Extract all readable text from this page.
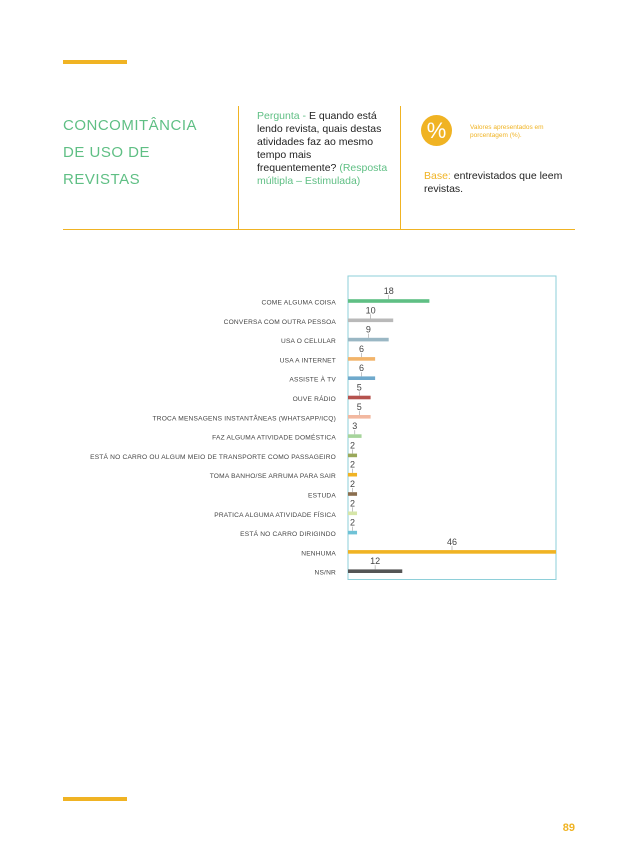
CONCOMITÂNCIA
DE USO DE
REVISTAS
Pergunta - E quando está lendo revista, quais destas atividades faz ao mesmo tempo mais frequentemente? (Resposta múltipla – Estimulada)
%	Valores apresentados em porcentagem (%).
Base: entrevistados que leem revistas.
18
COME ALGUMA COISA
10
CONVERSA COM OUTRA PESSOA
9
USA O CELULAR
6
USA A INTERNET
6
ASSISTE À TV
5
OUVE RÁDIO
5
TROCA MENSAGENS INSTANTÂNEAS (WHATSAPP/ICQ)
3
FAZ ALGUMA ATIVIDADE DOMÉSTICA
2
ESTÁ NO CARRO OU ALGUM MEIO DE TRANSPORTE COMO PASSAGEIRO
2
TOMA BANHO/SE ARRUMA PARA SAIR
2
ESTUDA
2
PRATICA ALGUMA ATIVIDADE FÍSICA
2
ESTÁ NO CARRO DIRIGINDO
46
NENHUMA
12
NS/NR
89
